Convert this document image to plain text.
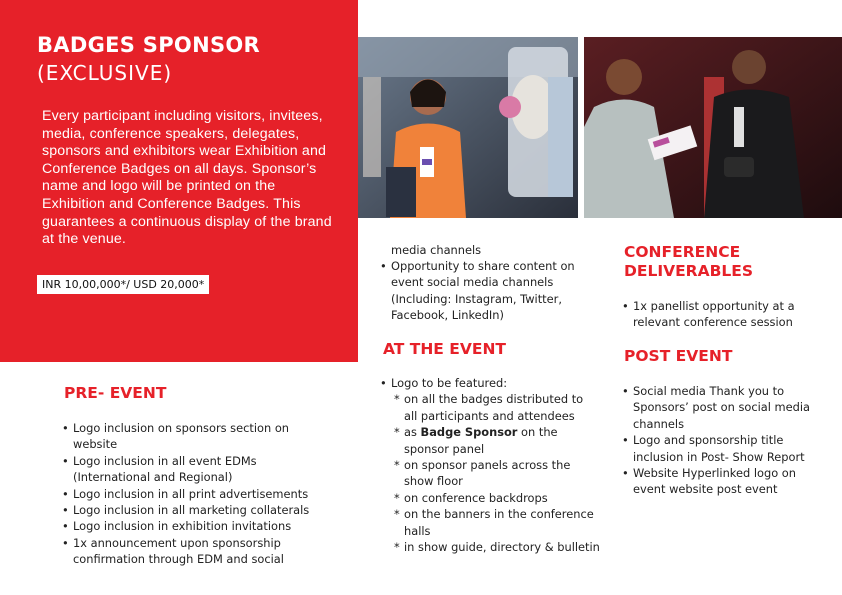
BADGES SPONSOR
(EXCLUSIVE)
Every participant including visitors, invitees, media, conference speakers, delegates, sponsors and exhibitors wear Exhibition and Conference Badges on all days. Sponsor’s name and logo will be printed on the Exhibition and Conference Badges. This guarantees a continuous display of the brand at the venue.
INR 10,00,000*/ USD 20,000*
PRE- EVENT
• Logo inclusion on sponsors section on website
• Logo inclusion in all event EDMs (International and Regional)
• Logo inclusion in all print advertisements
• Logo inclusion in all marketing collaterals
• Logo inclusion in exhibition invitations
• 1x announcement upon sponsorship confirmation through EDM and social
media channels
• Opportunity to share content on event social media channels (Including: Instagram, Twitter, Facebook, LinkedIn)
AT THE EVENT
• Logo to be featured:
* on all the badges distributed to all participants and attendees
* as Badge Sponsor on the sponsor panel
* on sponsor panels across the show floor
* on conference backdrops
* on the banners in the conference halls
* in show guide, directory & bulletin
CONFERENCE
DELIVERABLES
• 1x panellist opportunity at a relevant conference session
POST EVENT
• Social media Thank you to Sponsors’ post on social media channels
• Logo and sponsorship title inclusion in Post- Show Report
• Website Hyperlinked logo on event website post event
